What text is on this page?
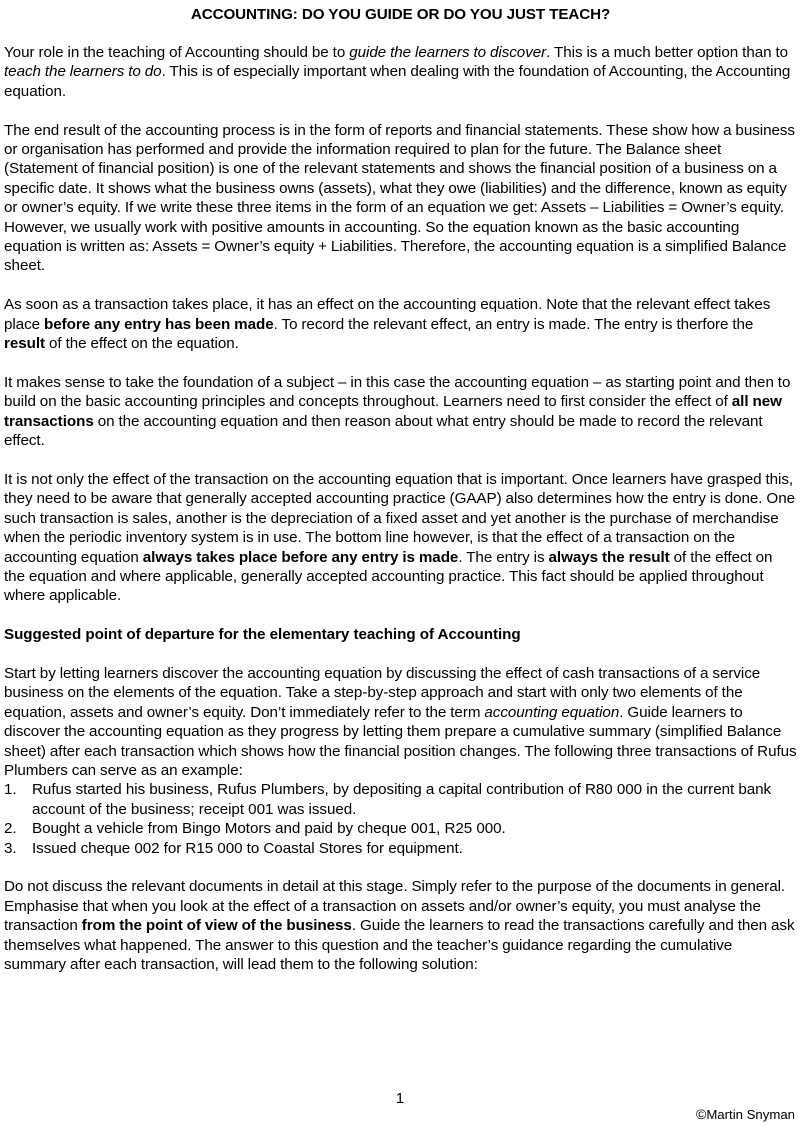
ACCOUNTING: DO YOU GUIDE OR DO YOU JUST TEACH?

Your role in the teaching of Accounting should be to guide the learners to discover. This is a much better option than to teach the learners to do. This is of especially important when dealing with the foundation of Accounting, the Accounting equation.

The end result of the accounting process is in the form of reports and financial statements. These show how a business or organisation has performed and provide the information required to plan for the future. The Balance sheet (Statement of financial position) is one of the relevant statements and shows the financial position of a business on a specific date. It shows what the business owns (assets), what they owe (liabilities) and the difference, known as equity or owner’s equity. If we write these three items in the form of an equation we get: Assets – Liabilities = Owner’s equity. However, we usually work with positive amounts in accounting. So the equation known as the basic accounting equation is written as: Assets = Owner’s equity + Liabilities. Therefore, the accounting equation is a simplified Balance sheet.

As soon as a transaction takes place, it has an effect on the accounting equation. Note that the relevant effect takes place before any entry has been made. To record the relevant effect, an entry is made. The entry is therfore the result of the effect on the equation.

It makes sense to take the foundation of a subject – in this case the accounting equation – as starting point and then to build on the basic accounting principles and concepts throughout. Learners need to first consider the effect of all new transactions on the accounting equation and then reason about what entry should be made to record the relevant effect.

It is not only the effect of the transaction on the accounting equation that is important. Once learners have grasped this, they need to be aware that generally accepted accounting practice (GAAP) also determines how the entry is done. One such transaction is sales, another is the depreciation of a fixed asset and yet another is the purchase of merchandise when the periodic inventory system is in use. The bottom line however, is that the effect of a transaction on the accounting equation always takes place before any entry is made. The entry is always the result of the effect on the equation and where applicable, generally accepted accounting practice. This fact should be applied throughout where applicable.

Suggested point of departure for the elementary teaching of Accounting

Start by letting learners discover the accounting equation by discussing the effect of cash transactions of a service business on the elements of the equation. Take a step-by-step approach and start with only two elements of the equation, assets and owner’s equity. Don’t immediately refer to the term accounting equation. Guide learners to discover the accounting equation as they progress by letting them prepare a cumulative summary (simplified Balance sheet) after each transaction which shows how the financial position changes. The following three transactions of Rufus Plumbers can serve as an example:

1.	Rufus started his business, Rufus Plumbers, by depositing a capital contribution of R80 000 in the current bank account of the business; receipt 001 was issued.
2.	Bought a vehicle from Bingo Motors and paid by cheque 001, R25 000.
3.	Issued cheque 002 for R15 000 to Coastal Stores for equipment.

Do not discuss the relevant documents in detail at this stage. Simply refer to the purpose of the documents in general. Emphasise that when you look at the effect of a transaction on assets and/or owner’s equity, you must analyse the transaction from the point of view of the business. Guide the learners to read the transactions carefully and then ask themselves what happened. The answer to this question and the teacher’s guidance regarding the cumulative summary after each transaction, will lead them to the following solution:

1
©Martin Snyman
